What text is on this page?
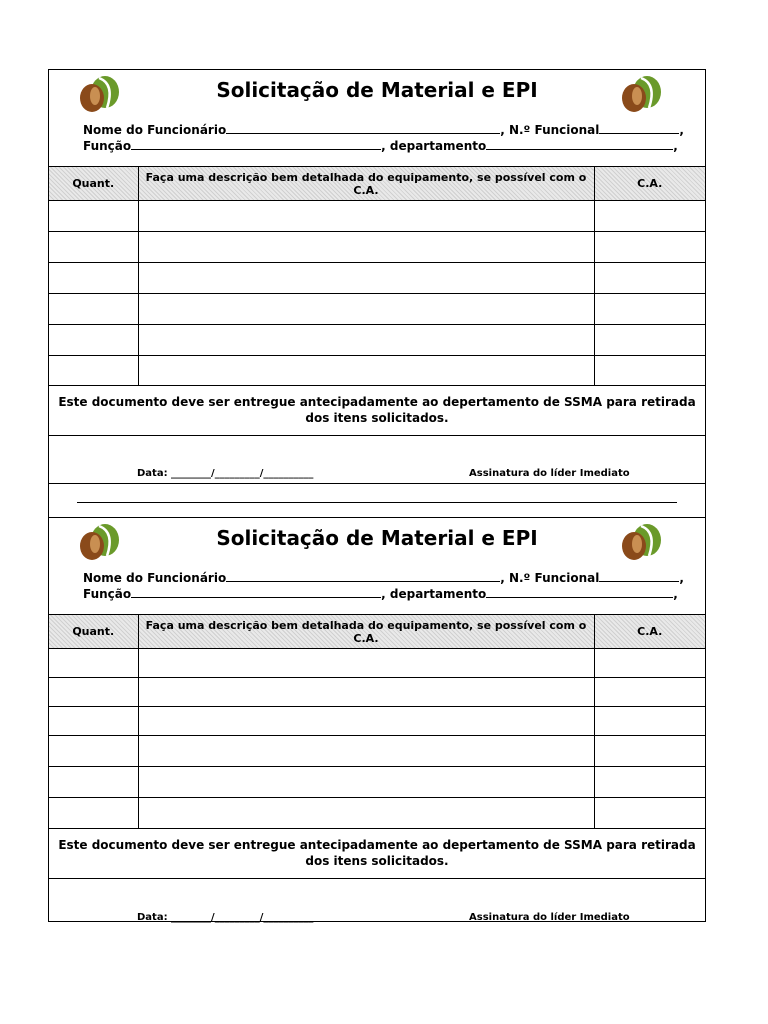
Solicitação de Material e EPI
Nome do Funcionário	, N.º Funcional	,
Função	, departamento	,
Quant.	Faça uma descrição bem detalhada do equipamento, se possível com o C.A.	C.A.

Este documento deve ser entregue antecipadamente ao depertamento de SSMA para retirada dos itens solicitados.
Data: ________/_________/__________	Assinatura do líder Imediato
Solicitação de Material e EPI
Nome do Funcionário	, N.º Funcional	,
Função	, departamento	,
Quant.	Faça uma descrição bem detalhada do equipamento, se possível com o C.A.	C.A.

Este documento deve ser entregue antecipadamente ao depertamento de SSMA para retirada dos itens solicitados.
Data: ________/_________/__________	Assinatura do líder Imediato
